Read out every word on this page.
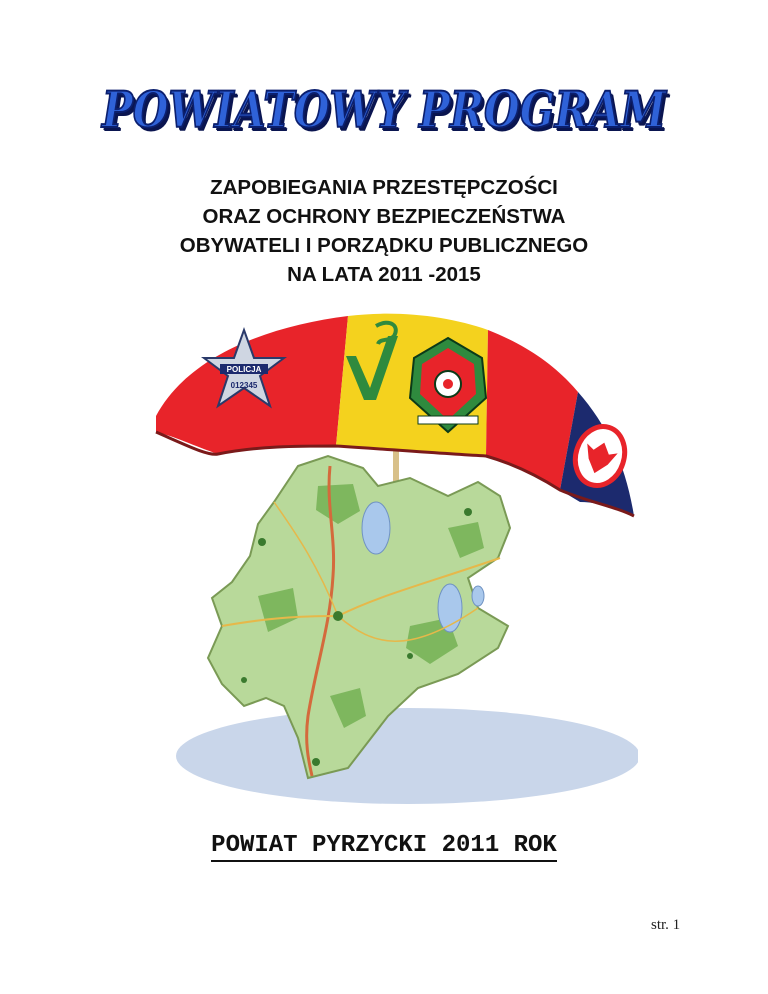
POWIATOWY PROGRAM
ZAPOBIEGANIA PRZESTĘPCZOŚCI
ORAZ OCHRONY BEZPIECZEŃSTWA
OBYWATELI I PORZĄDKU PUBLICZNEGO
NA LATA 2011 -2015
POLICJA
012345
POWIAT PYRZYCKI 2011 ROK
str. 1
